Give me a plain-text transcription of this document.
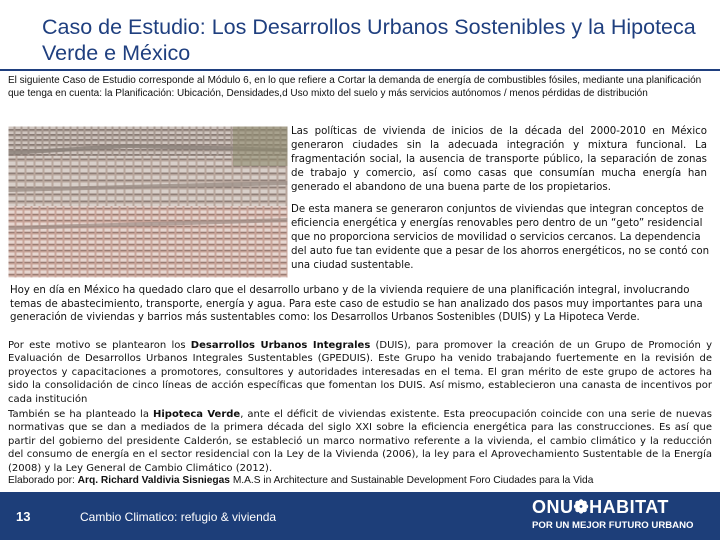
Caso de Estudio: Los Desarrollos Urbanos Sostenibles y la Hipoteca Verde e México
El siguiente Caso de Estudio corresponde al Módulo 6, en lo que refiere a Cortar la demanda de energía de combustibles fósiles, mediante una planificación que tenga en cuenta: la Planificación: Ubicación, Densidades,d Uso mixto del suelo y más servicios autónomos / menos pérdidas de distribución
Las políticas de vivienda de inicios de la década del 2000-2010 en México generaron ciudades sin la adecuada integración y mixtura funcional. La fragmentación social, la ausencia de transporte público, la separación de zonas de trabajo y comercio, así como casas que consumían mucha energía han generado el abandono de una buena parte de los propietarios.
De esta manera se generaron conjuntos de viviendas que integran conceptos de eficiencia energética y energías renovables pero dentro de un “geto” residencial que no proporciona servicios de movilidad o servicios cercanos. La dependencia del auto fue tan evidente que a pesar de los ahorros energéticos, no se contó con una ciudad sustentable.
Hoy en día en México ha quedado claro que el desarrollo urbano y de la vivienda requiere de una planificación integral, involucrando temas de abastecimiento, transporte, energía y agua. Para este caso de estudio se han analizado dos pasos muy importantes para una generación de viviendas y barrios más sustentables como: los Desarrollos Urbanos Sostenibles (DUIS) y La Hipoteca Verde.
Por este motivo se plantearon los Desarrollos Urbanos Integrales (DUIS), para promover la creación de un Grupo de Promoción y Evaluación de Desarrollos Urbanos Integrales Sustentables (GPEDUIS). Este Grupo ha venido trabajando fuertemente en la revisión de proyectos y capacitaciones a promotores, consultores y autoridades interesadas en el tema. El gran mérito de este grupo de actores ha sido la consolidación de cinco líneas de acción específicas que fomentan los DUIS. Así mismo, establecieron una canasta de incentivos por cada institución
También se ha planteado la Hipoteca Verde, ante el déficit de viviendas existente. Esta preocupación coincide con una serie de nuevas normativas que se dan a mediados de la primera década del siglo XXI sobre la eficiencia energética para las construcciones. Es así que partir del gobierno del presidente Calderón, se estableció un marco normativo referente a la vivienda, el cambio climático y la reducción del consumo de energía en el sector residencial con la Ley de la Vivienda (2006), la ley para el Aprovechamiento Sustentable de la Energía (2008) y la Ley General de Cambio Climático (2012).
Elaborado por: Arq. Richard Valdivia Sisniegas M.A.S in Architecture and Sustainable Development Foro Ciudades para la Vida
13	Cambio Climatico: refugio & vivienda	ONU❁HABITAT
POR UN MEJOR FUTURO URBANO
